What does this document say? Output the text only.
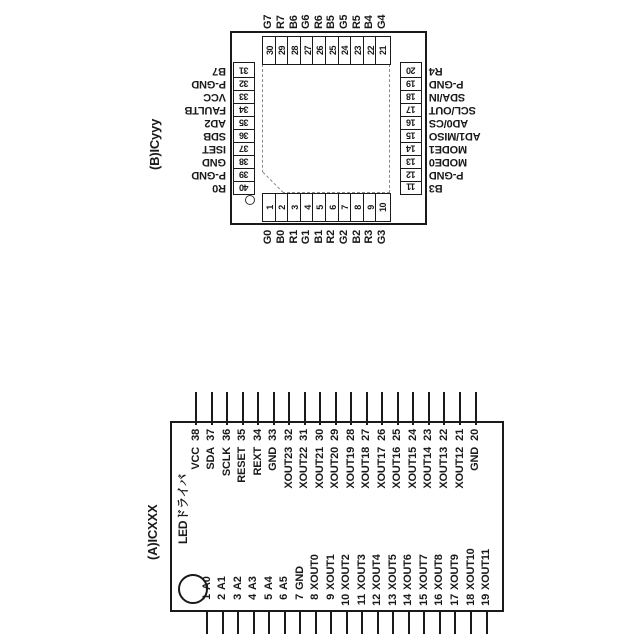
(A)ICXXX LEDドライバ
1
A0
2
A1
3
A2
4
A3
5
A4
6
A5
7
GND
8
XOUT0
9
XOUT1
10
XOUT2
11
XOUT3
12
XOUT4
13
XOUT5
14
XOUT6
15
XOUT7
16
XOUT8
17
XOUT9
18
XOUT10
19
XOUT11
VCC
38
SDA
37
SCLK
36
RESET
35
REXT
34
GND
33
XOUT23
32
XOUT22
31
XOUT21
30
XOUT20
29
XOUT19
28
XOUT18
27
XOUT17
26
XOUT16
25
XOUT15
24
XOUT14
23
XOUT13
22
XOUT12
21
GND
20
(B)ICyyy
40
R0
39
P-GND
38
GND
37
ISET
36
SDB
35
AD2
34
FAULTB
33
VCC
32
P-GND
31
B7
11 B3
12 P-GND
13 MODE0
14 MODE1
15 AD1/MISO
16 AD0/CS
17 SCL/OUT
18 SDA/IN
19 P-GND
20 R4
1
G0
2
B0
3
R1
4
G1
5
B1
6
R2
7
G2
8
B2
9
R3
10
G3
30
G7
29
R7
28
B6
27
G6
26
R6
25
B5
24
G5
23
R5
22
B4
21
G4
